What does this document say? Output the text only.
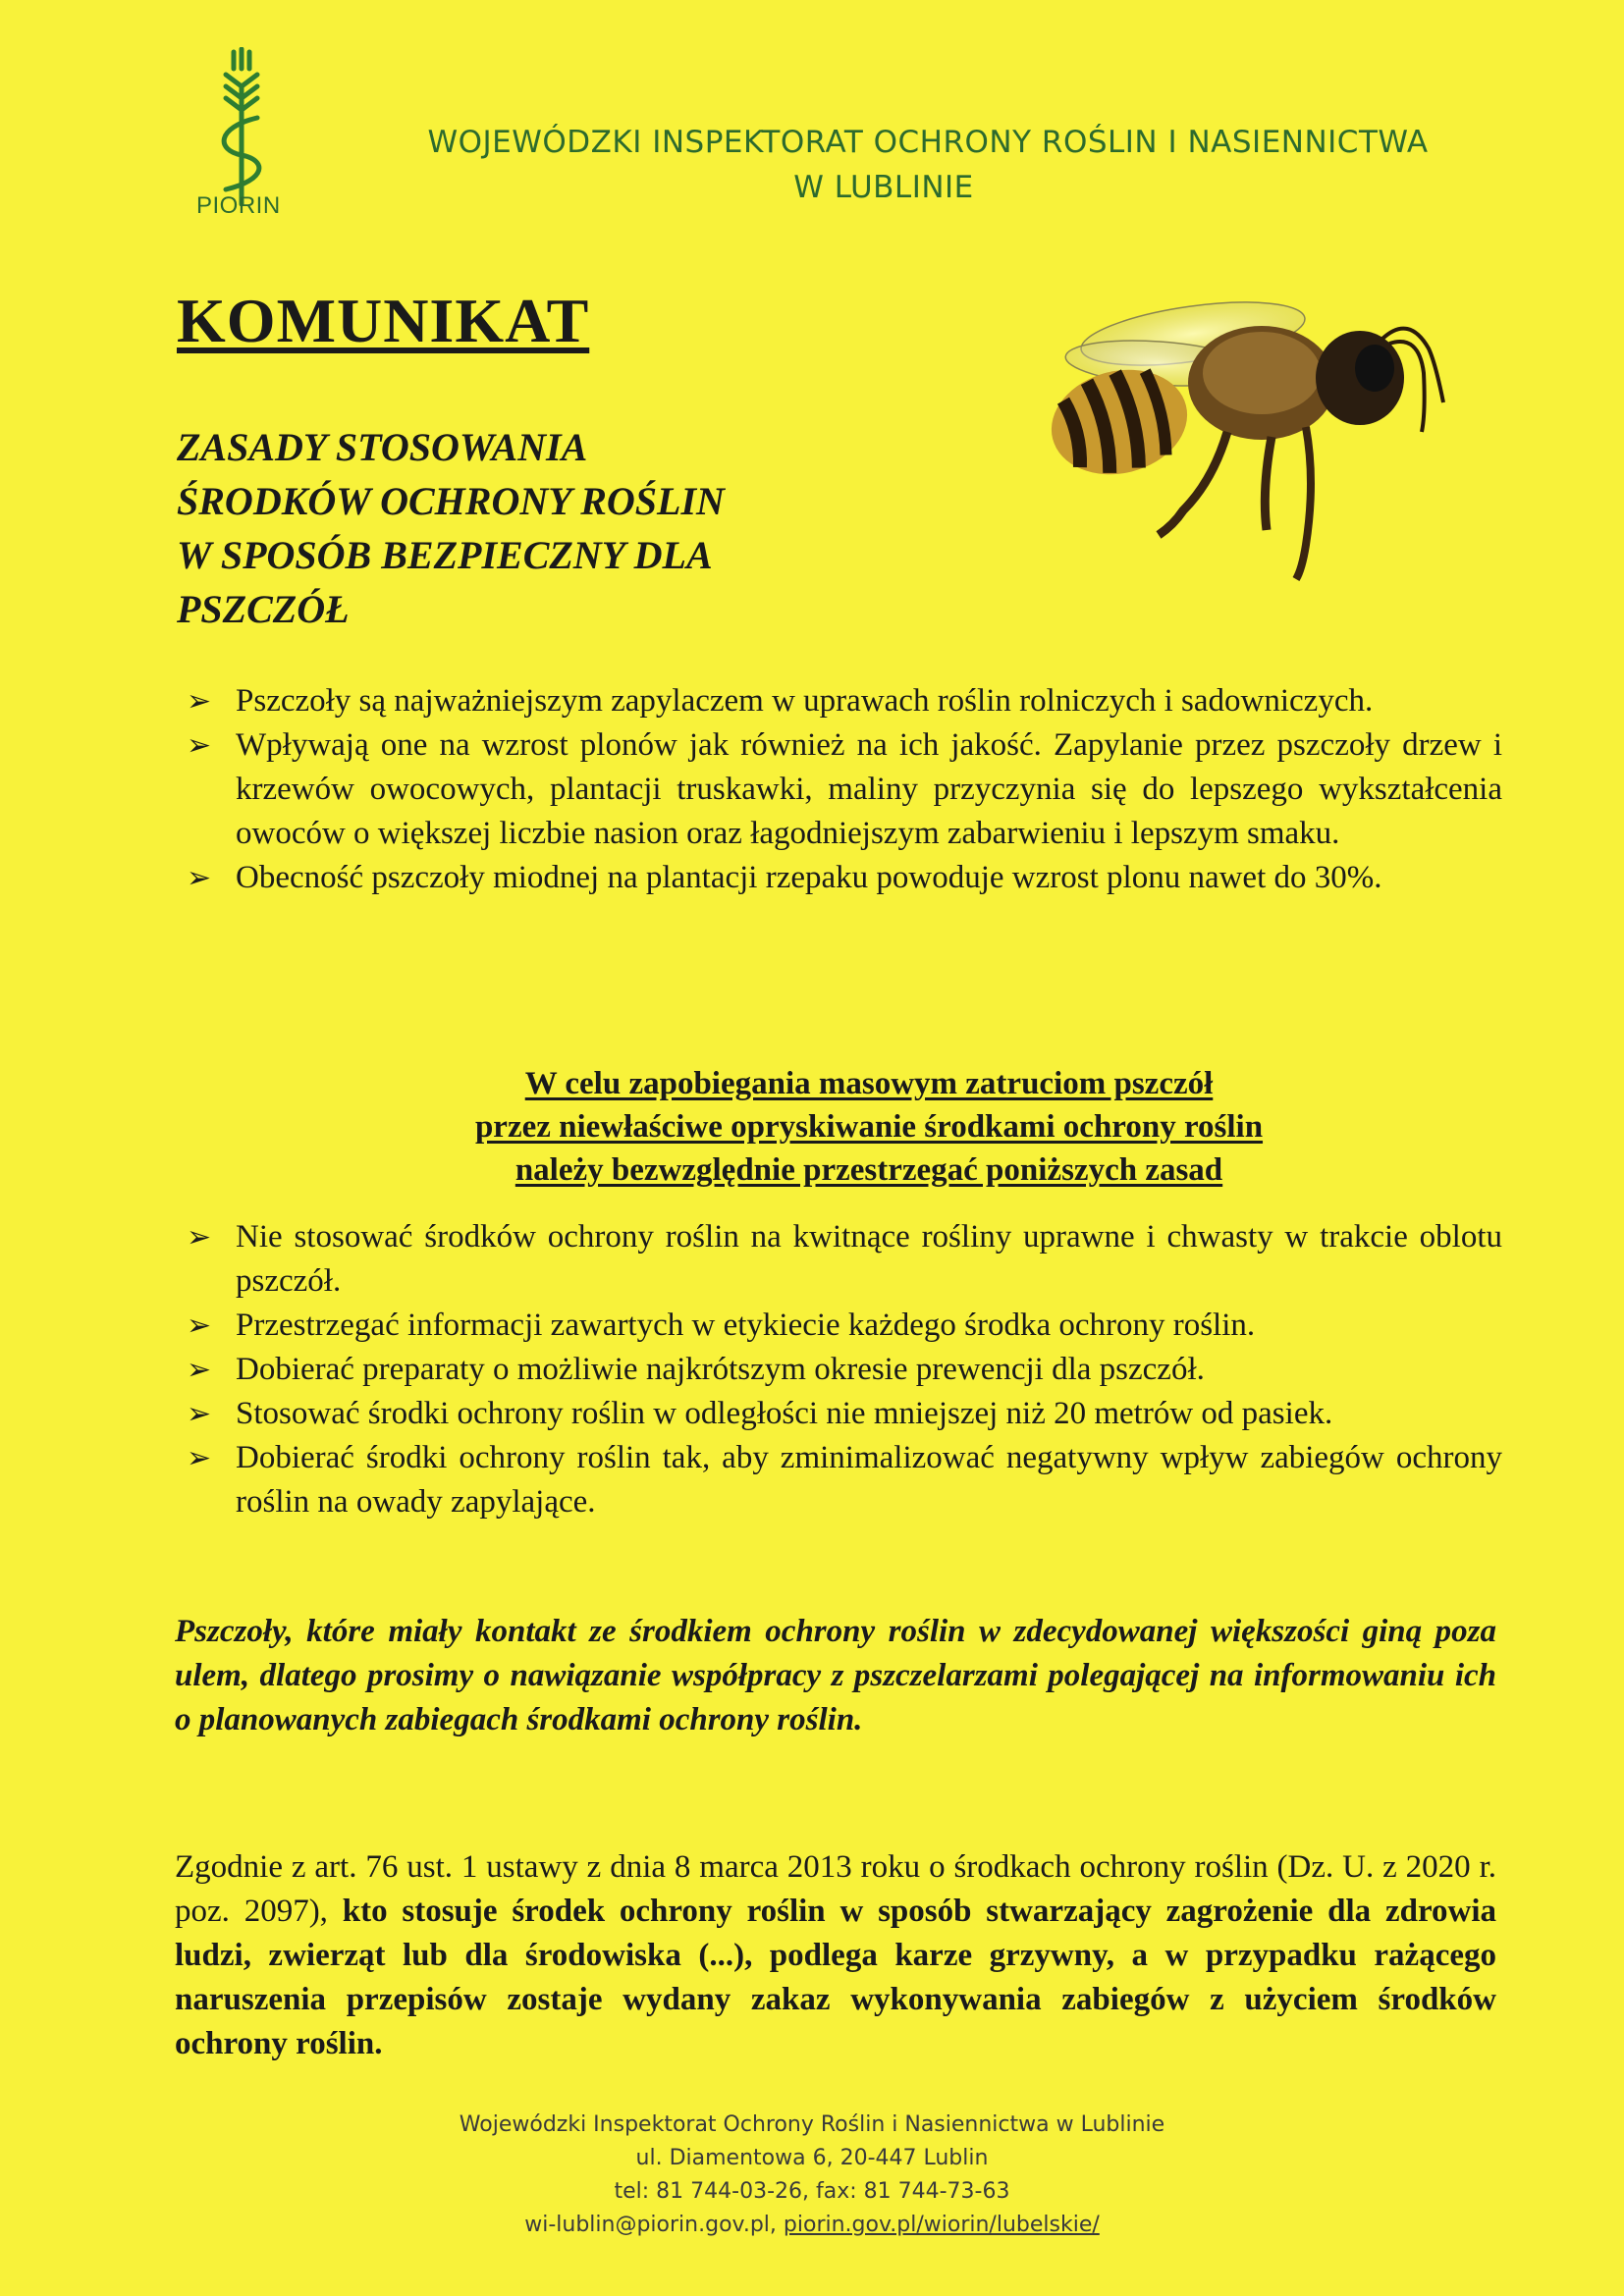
PIORIN
WOJEWÓDZKI INSPEKTORAT OCHRONY ROŚLIN I NASIENNICTWA
W LUBLINIE
KOMUNIKAT
ZASADY STOSOWANIA
ŚRODKÓW OCHRONY ROŚLIN
W SPOSÓB BEZPIECZNY DLA
PSZCZÓŁ
➢ Pszczoły są najważniejszym zapylaczem w uprawach roślin rolniczych i sadowniczych.
➢ Wpływają one na wzrost plonów jak również na ich jakość. Zapylanie przez pszczoły drzew i krzewów owocowych, plantacji truskawki, maliny przyczynia się do lepszego wykształcenia owoców o większej liczbie nasion oraz łagodniejszym zabarwieniu i lepszym smaku.
➢ Obecność pszczoły miodnej na plantacji rzepaku powoduje wzrost plonu nawet do 30%.
W celu zapobiegania masowym zatruciom pszczół
przez niewłaściwe opryskiwanie środkami ochrony roślin
należy bezwzględnie przestrzegać poniższych zasad
➢ Nie stosować środków ochrony roślin na kwitnące rośliny uprawne i chwasty w trakcie oblotu pszczół.
➢ Przestrzegać informacji zawartych w etykiecie każdego środka ochrony roślin.
➢ Dobierać preparaty o możliwie najkrótszym okresie prewencji dla pszczół.
➢ Stosować środki ochrony roślin w odległości nie mniejszej niż 20 metrów od pasiek.
➢ Dobierać środki ochrony roślin tak, aby zminimalizować negatywny wpływ zabiegów ochrony roślin na owady zapylające.
Pszczoły, które miały kontakt ze środkiem ochrony roślin w zdecydowanej większości giną poza ulem, dlatego prosimy o nawiązanie współpracy z pszczelarzami polegającej na informowaniu ich o planowanych zabiegach środkami ochrony roślin.
Zgodnie z art. 76 ust. 1 ustawy z dnia 8 marca 2013 roku o środkach ochrony roślin (Dz. U. z 2020 r. poz. 2097), kto stosuje środek ochrony roślin w sposób stwarzający zagrożenie dla zdrowia ludzi, zwierząt lub dla środowiska (...), podlega karze grzywny, a w przypadku rażącego naruszenia przepisów zostaje wydany zakaz wykonywania zabiegów z użyciem środków ochrony roślin.
Wojewódzki Inspektorat Ochrony Roślin i Nasiennictwa w Lublinie
ul. Diamentowa 6, 20-447 Lublin
tel: 81 744-03-26, fax: 81 744-73-63
wi-lublin@piorin.gov.pl, piorin.gov.pl/wiorin/lubelskie/
